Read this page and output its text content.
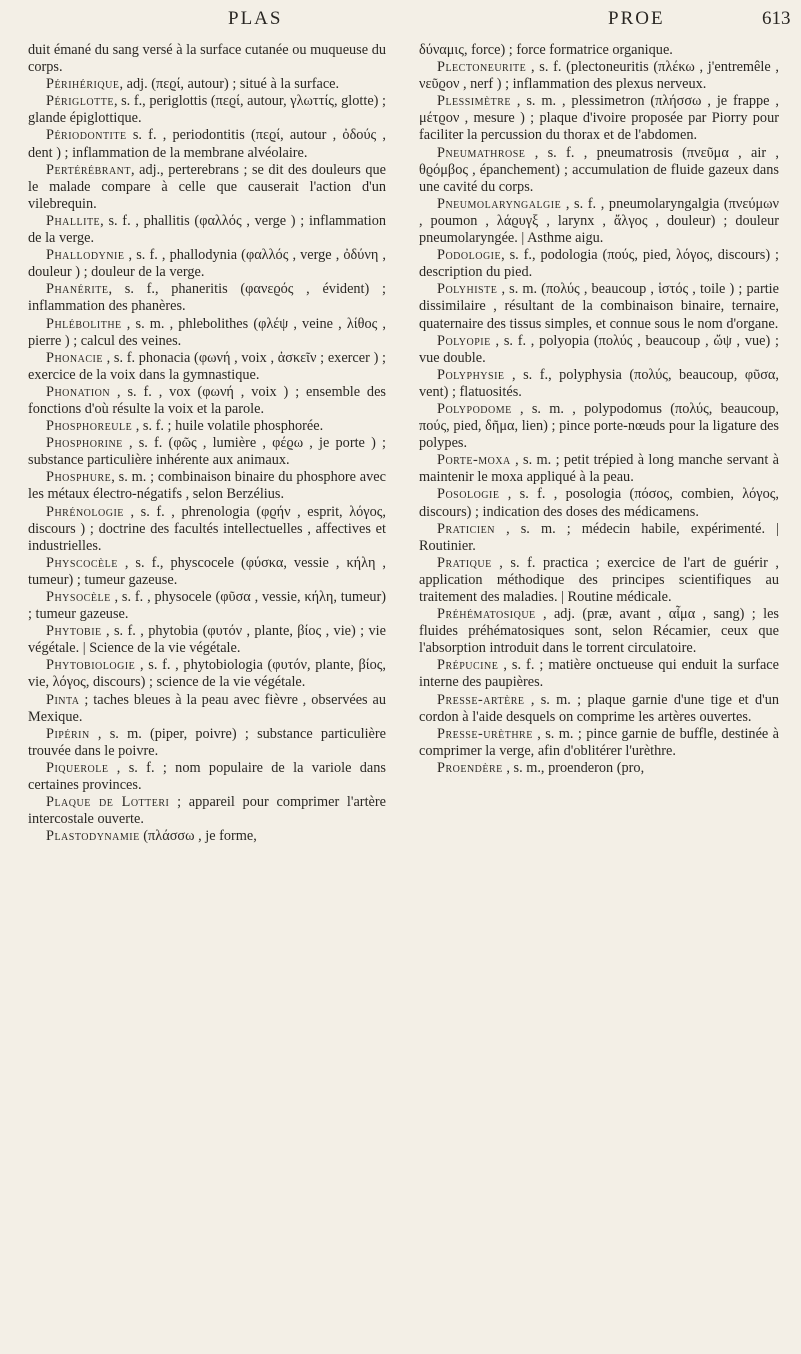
PLAS	PROE	613

duit émané du sang versé à la surface cutanée ou muqueuse du corps.

Périhérique, adj. (πεϱί, autour) ; situé à la surface.

Périglotte, s. f., periglottis (πεϱί, autour, γλωττίς, glotte) ; glande épiglottique.

Périodontite s. f. , periodontitis (πεϱί, autour , ὀδούς , dent ) ; inflammation de la membrane alvéolaire.

Pertérébrant, adj., perterebrans ; se dit des douleurs que le malade compare à celle que causerait l'action d'un vilebrequin.

Phallite, s. f. , phallitis (φαλλός , verge ) ; inflammation de la verge.

Phallodynie , s. f. , phallodynia (φαλλός , verge , ὀδύνη , douleur ) ; douleur de la verge.

Phanérite, s. f., phaneritis (φανεϱός , évident) ; inflammation des phanères.

Phlébolithe , s. m. , phlebolithes (φλέψ , veine , λίθος , pierre ) ; calcul des veines.

Phonacie , s. f. phonacia (φωνή , voix , ἀσκεῖν ; exercer ) ; exercice de la voix dans la gymnastique.

Phonation , s. f. , vox (φωνή , voix ) ; ensemble des fonctions d'où résulte la voix et la parole.

Phosphoreule , s. f. ; huile volatile phosphorée.

Phosphorine , s. f. (φῶς , lumière , φέϱω , je porte ) ; substance particulière inhérente aux animaux.

Phosphure, s. m. ; combinaison binaire du phosphore avec les métaux électro-négatifs , selon Berzélius.

Phrénologie , s. f. , phrenologia (φϱήν , esprit, λόγος, discours ) ; doctrine des facultés intellectuelles , affectives et industrielles.

Physcocèle , s. f., physcocele (φύσκα, vessie , κήλη , tumeur) ; tumeur gazeuse.

Physocèle , s. f. , physocele (φῦσα , vessie, κήλη, tumeur) ; tumeur gazeuse.

Phytobie , s. f. , phytobia (φυτόν , plante, βίος , vie) ; vie végétale. | Science de la vie végétale.

Phytobiologie , s. f. , phytobiologia (φυτόν, plante, βίος, vie, λόγος, discours) ; science de la vie végétale.

Pinta ; taches bleues à la peau avec fièvre , observées au Mexique.

Pipérin , s. m. (piper, poivre) ; substance particulière trouvée dans le poivre.

Piquerole , s. f. ; nom populaire de la variole dans certaines provinces.

Plaque de Lotteri ; appareil pour comprimer l'artère intercostale ouverte.

Plastodynamie (πλάσσω , je forme,

δύναμις, force) ; force formatrice organique.

Plectoneurite , s. f. (plectoneuritis (πλέκω , j'entremêle , νεῦϱον , nerf ) ; inflammation des plexus nerveux.

Plessimètre , s. m. , plessimetron (πλήσσω , je frappe , μέτϱον , mesure ) ; plaque d'ivoire proposée par Piorry pour faciliter la percussion du thorax et de l'abdomen.

Pneumathrose , s. f. , pneumatrosis (πνεῦμα , air , θϱόμβος , épanchement) ; accumulation de fluide gazeux dans une cavité du corps.

Pneumolaryngalgie , s. f. , pneumolaryngalgia (πνεύμων , poumon , λάϱυγξ , larynx , ἄλγος , douleur) ; douleur pneumolaryngée. | Asthme aigu.

Podologie, s. f., podologia (πούς, pied, λόγος, discours) ; description du pied.

Polyhiste , s. m. (πολύς , beaucoup , ἱστός , toile ) ; partie dissimilaire , résultant de la combinaison binaire, ternaire, quaternaire des tissus simples, et connue sous le nom d'organe.

Polyopie , s. f. , polyopia (πολύς , beaucoup , ὤψ , vue) ; vue double.

Polyphysie , s. f., polyphysia (πολύς, beaucoup, φῦσα, vent) ; flatuosités.

Polypodome , s. m. , polypodomus (πολύς, beaucoup, πούς, pied, δῆμα, lien) ; pince porte-nœuds pour la ligature des polypes.

Porte-moxa , s. m. ; petit trépied à long manche servant à maintenir le moxa appliqué à la peau.

Posologie , s. f. , posologia (πόσος, combien, λόγος, discours) ; indication des doses des médicamens.

Praticien , s. m. ; médecin habile, expérimenté. | Routinier.

Pratique , s. f. practica ; exercice de l'art de guérir , application méthodique des principes scientifiques au traitement des maladies. | Routine médicale.

Préhématosique , adj. (præ, avant , αἷμα , sang) ; les fluides préhématosiques sont, selon Récamier, ceux que l'absorption introduit dans le torrent circulatoire.

Prépucine , s. f. ; matière onctueuse qui enduit la surface interne des paupières.

Presse-artère , s. m. ; plaque garnie d'une tige et d'un cordon à l'aide desquels on comprime les artères ouvertes.

Presse-urèthre , s. m. ; pince garnie de buffle, destinée à comprimer la verge, afin d'oblitérer l'urèthre.

Proendère , s. m., proenderon (pro,
